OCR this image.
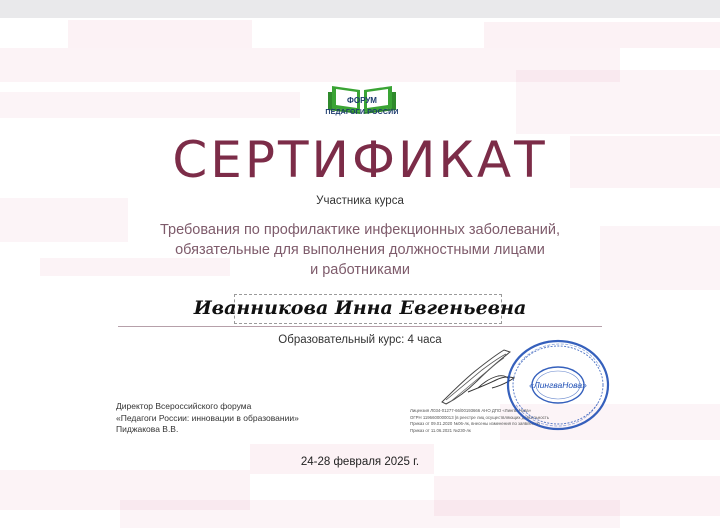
ФОРУМ
ПЕДАГОГИ РОССИИ
СЕРТИФИКАТ
Участника курса
Требования по профилактике инфекционных заболеваний,
обязательные для выполнения должностными лицами
и работниками
Иванникова Инна Евгеньевна
Образовательный курс: 4 часа
Директор Всероссийского форума
«Педагоги России: инновации в образовании»
Пиджакова В.В.
Лицензия Л034-01277-66/00193666 АНО ДПО «ЛингваНова»
ОГРН 1196600000013 (в реестре лиц осуществляющих деятельность
Приказ от 09.01.2020 №06-лк, внесены изменения по заявлению
Приказ от 11.06.2021 №230-лк
«ЛингваНова»
24-28 февраля 2025 г.
